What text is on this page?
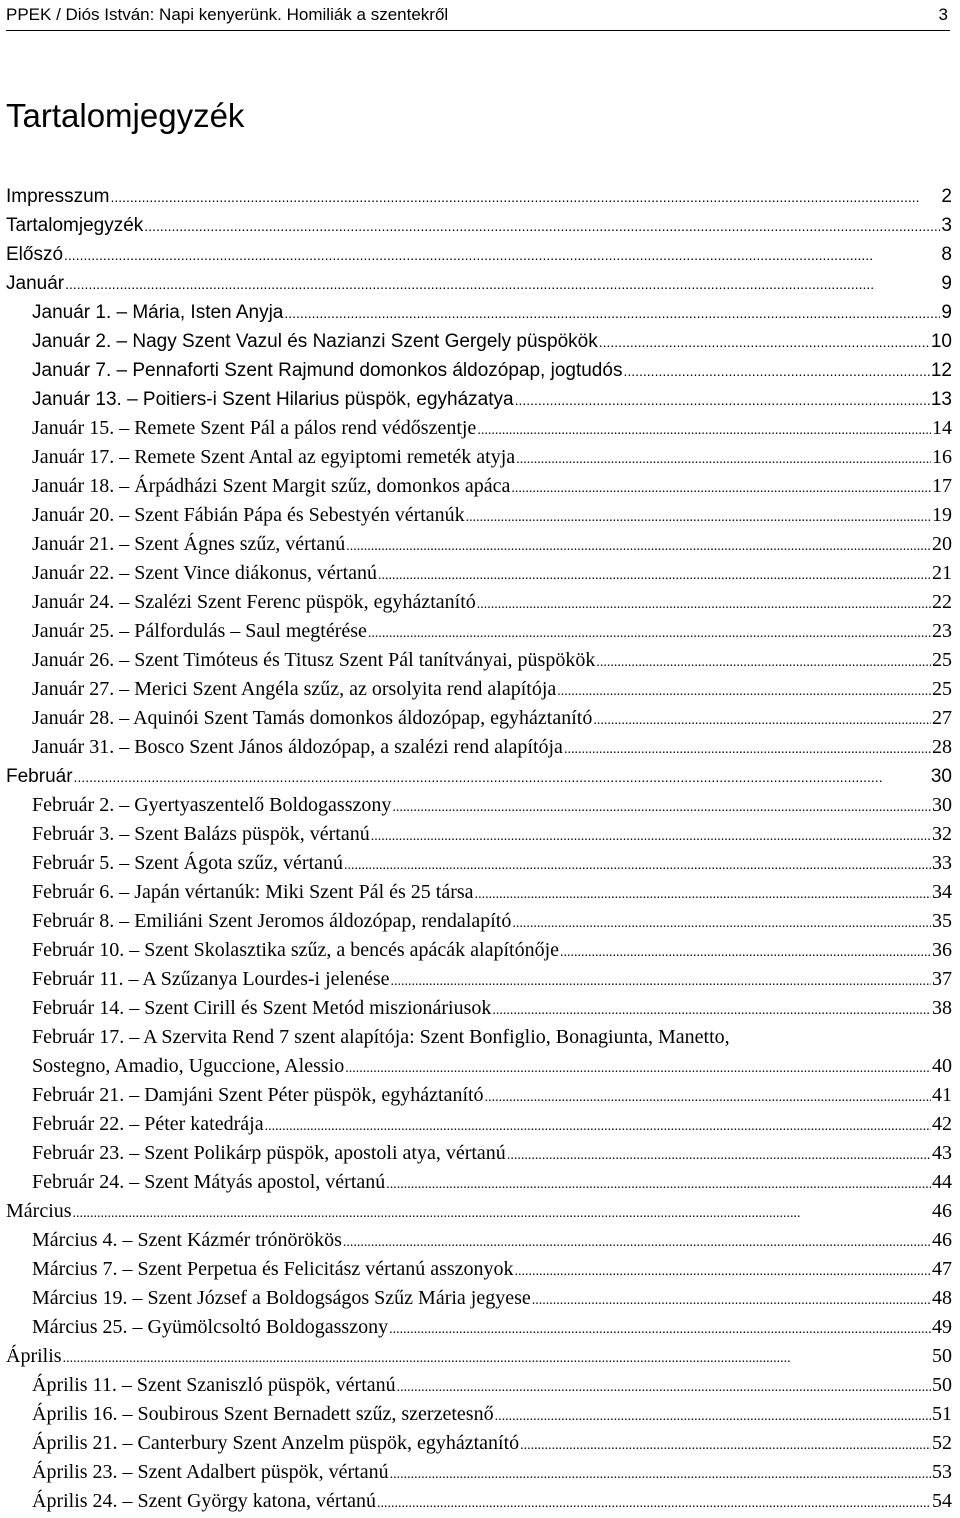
PPEK / Diós István: Napi kenyerünk. Homiliák a szentekről	3
Tartalomjegyzék
Impresszum .....	2
Tartalomjegyzék .....	3
Előszó .....	8
Január .....	9
Január 1. – Mária, Isten Anyja .....	9
Január 2. – Nagy Szent Vazul és Nazianzi Szent Gergely püspökök .....	10
Január 7. – Pennaforti Szent Rajmund domonkos áldozópap, jogtudós .....	12
Január 13. – Poitiers-i Szent Hilarius püspök, egyházatya .....	13
Január 15. – Remete Szent Pál a pálos rend védőszentje .....	14
Január 17. – Remete Szent Antal az egyiptomi remeték atyja .....	16
Január 18. – Árpádházi Szent Margit szűz, domonkos apáca .....	17
Január 20. – Szent Fábián Pápa és Sebestyén vértanúk .....	19
Január 21. – Szent Ágnes szűz, vértanú .....	20
Január 22. – Szent Vince diákonus, vértanú .....	21
Január 24. – Szalézi Szent Ferenc püspök, egyháztanító .....	22
Január 25. – Pálfordulás – Saul megtérése .....	23
Január 26. – Szent Timóteus és Titusz Szent Pál tanítványai, püspökök .....	25
Január 27. – Merici Szent Angéla szűz, az orsolyita rend alapítója .....	25
Január 28. – Aquinói Szent Tamás domonkos áldozópap, egyháztanító .....	27
Január 31. – Bosco Szent János áldozópap, a szalézi rend alapítója .....	28
Február .....	30
Február 2. – Gyertyaszentelő Boldogasszony .....	30
Február 3. – Szent Balázs püspök, vértanú .....	32
Február 5. – Szent Ágota szűz, vértanú .....	33
Február 6. – Japán vértanúk: Miki Szent Pál és 25 társa .....	34
Február 8. – Emiliáni Szent Jeromos áldozópap, rendalapító .....	35
Február 10. – Szent Skolasztika szűz, a bencés apácák alapítónője .....	36
Február 11. – A Szűzanya Lourdes-i jelenése .....	37
Február 14. – Szent Cirill és Szent Metód miszionáriusok .....	38
Február 17. – A Szervita Rend 7 szent alapítója: Szent Bonfiglio, Bonagiunta, Manetto,
Sostegno, Amadio, Uguccione, Alessio .....	40
Február 21. – Damjáni Szent Péter püspök, egyháztanító .....	41
Február 22. – Péter katedrája .....	42
Február 23. – Szent Polikárp püspök, apostoli atya, vértanú .....	43
Február 24. – Szent Mátyás apostol, vértanú .....	44
Március .....	46
Március 4. – Szent Kázmér trónörökös .....	46
Március 7. – Szent Perpetua és Felicitász vértanú asszonyok .....	47
Március 19. – Szent József a Boldogságos Szűz Mária jegyese .....	48
Március 25. – Gyümölcsoltó Boldogasszony .....	49
Április .....	50
Április 11. – Szent Szaniszló püspök, vértanú .....	50
Április 16. – Soubirous Szent Bernadett szűz, szerzetesnő .....	51
Április 21. – Canterbury Szent Anzelm püspök, egyháztanító .....	52
Április 23. – Szent Adalbert püspök, vértanú .....	53
Április 24. – Szent György katona, vértanú .....	54
